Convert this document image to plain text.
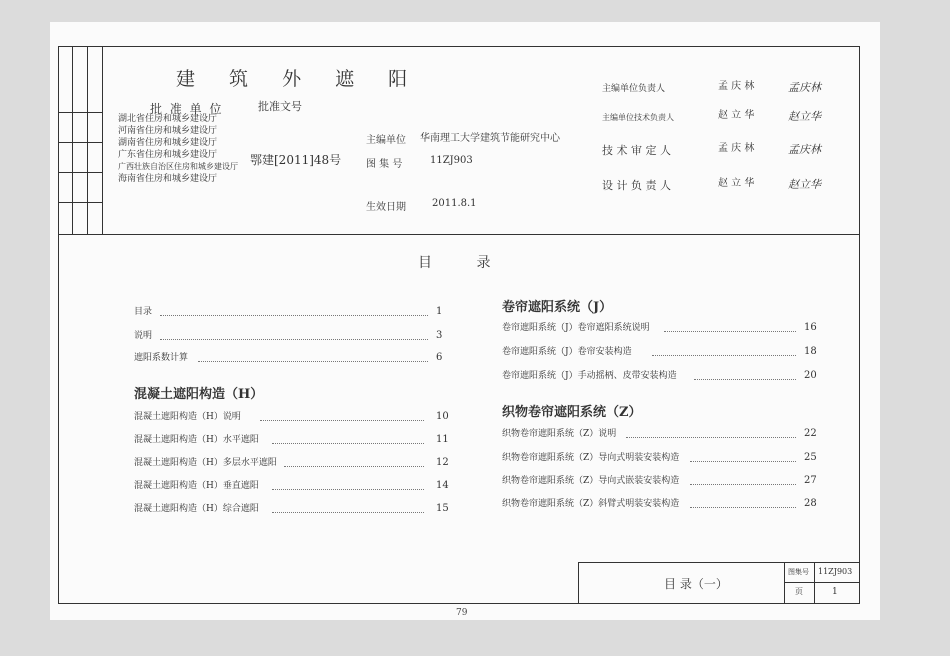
建 筑 外 遮 阳
批 准 单 位	批准文号
湖北省住房和城乡建设厅
河南省住房和城乡建设厅
湖南省住房和城乡建设厅
广东省住房和城乡建设厅
广西壮族自治区住房和城乡建设厅
海南省住房和城乡建设厅
鄂建[2011]48号
主编单位 华南理工大学建筑节能研究中心
图 集 号	11ZJ903
生效日期	2011.8.1
主编单位负责人	孟 庆 林	孟庆林
主编单位技术负责人	赵 立 华	赵立华
技 术 审 定 人	孟 庆 林	孟庆林
设 计 负 责 人	赵 立 华	赵立华
目          录
目录	1
说明	3
遮阳系数计算	6
混凝土遮阳构造（H）
混凝土遮阳构造（H）说明	10
混凝土遮阳构造（H）水平遮阳	11
混凝土遮阳构造（H）多层水平遮阳	12
混凝土遮阳构造（H）垂直遮阳	14
混凝土遮阳构造（H）综合遮阳	15
卷帘遮阳系统（J）
卷帘遮阳系统（J）卷帘遮阳系统说明	16
卷帘遮阳系统（J）卷帘安装构造	18
卷帘遮阳系统（J）手动摇柄、皮带安装构造	20
织物卷帘遮阳系统（Z）
织物卷帘遮阳系统（Z）说明	22
织物卷帘遮阳系统（Z）导向式明装安装构造	25
织物卷帘遮阳系统（Z）导向式嵌装安装构造	27
织物卷帘遮阳系统（Z）斜臂式明装安装构造	28
目 录（一）
图集号 11ZJ903
页	1
79
